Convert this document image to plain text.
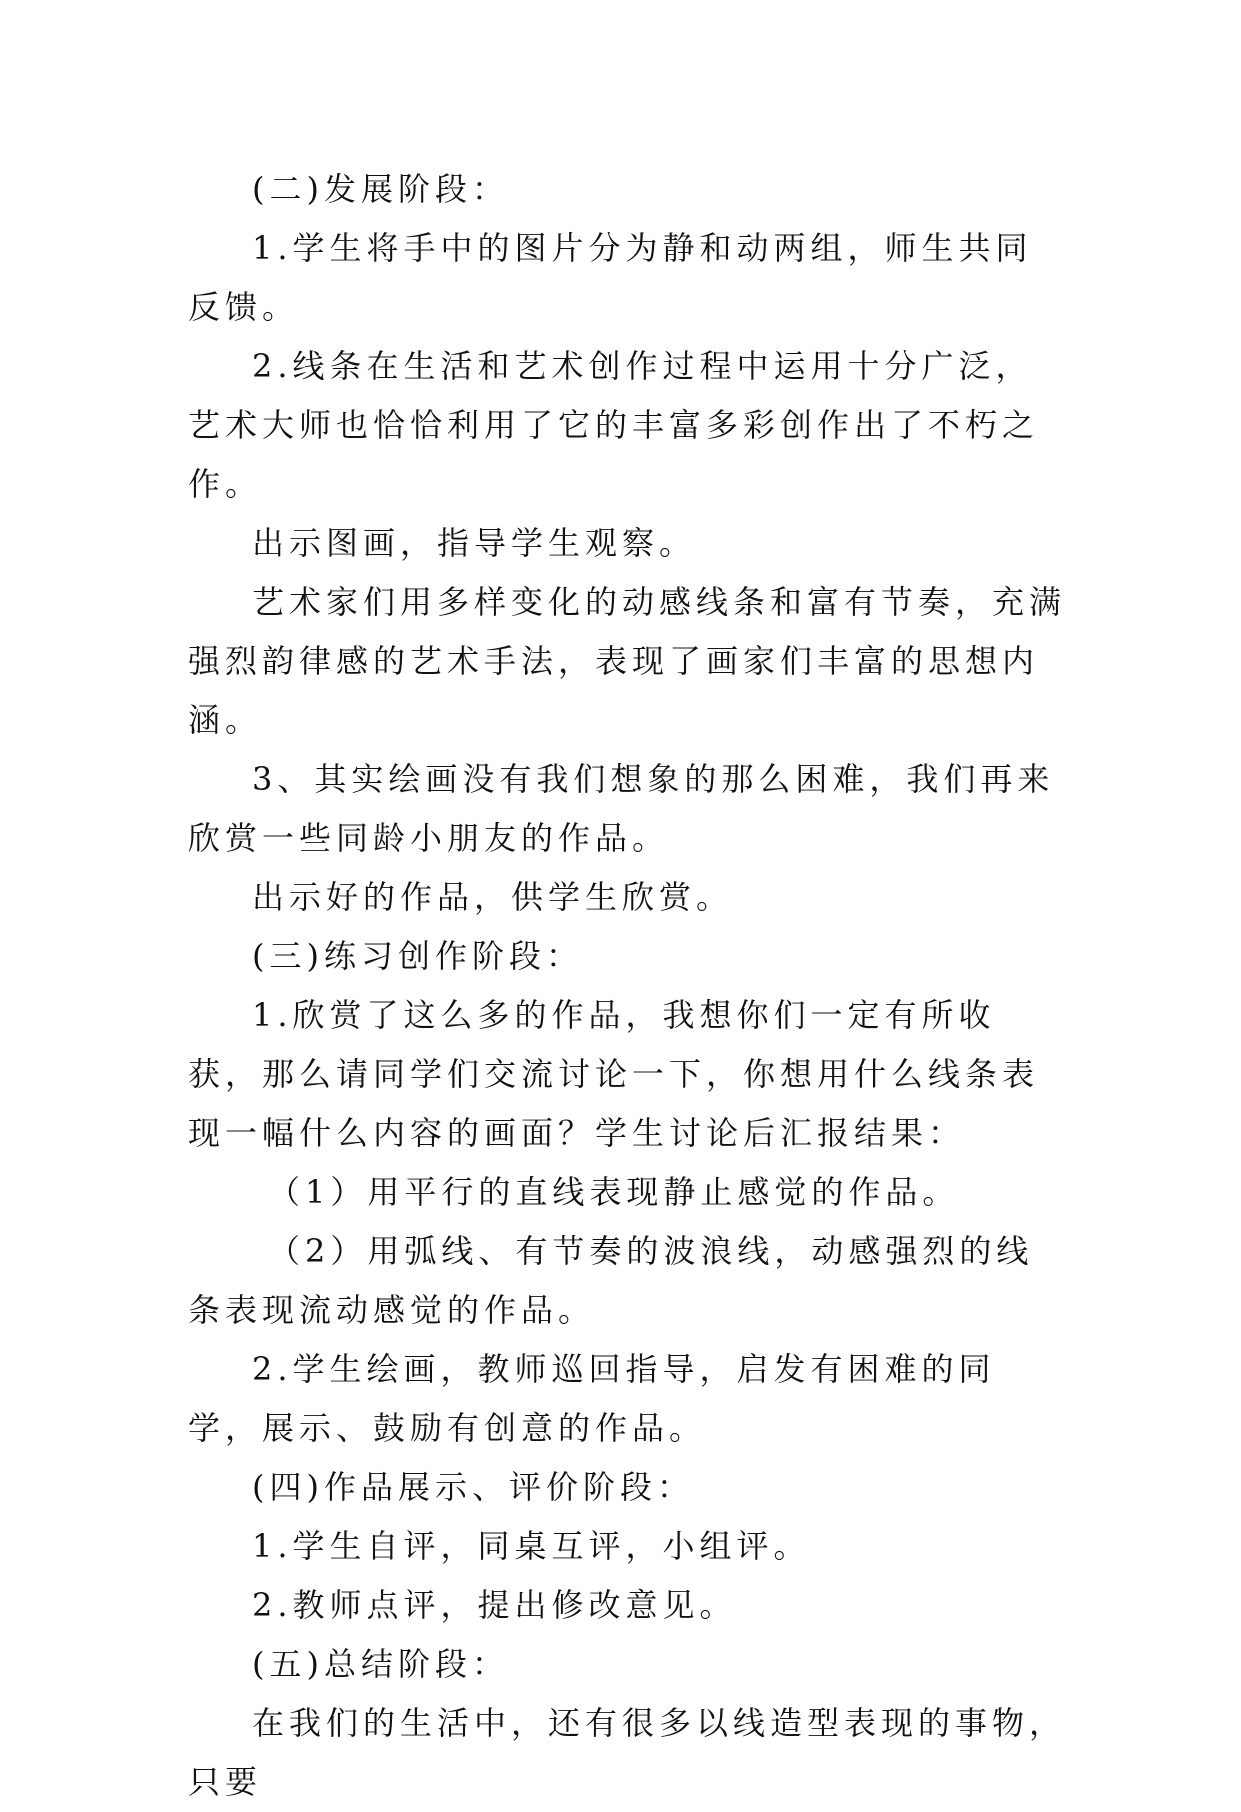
(二)发展阶段：

1.学生将手中的图片分为静和动两组，师生共同反馈。

2.线条在生活和艺术创作过程中运用十分广泛，艺术大师也恰恰利用了它的丰富多彩创作出了不朽之作。

出示图画，指导学生观察。

艺术家们用多样变化的动感线条和富有节奏，充满强烈韵律感的艺术手法，表现了画家们丰富的思想内涵。

3、其实绘画没有我们想象的那么困难，我们再来欣赏一些同龄小朋友的作品。

出示好的作品，供学生欣赏。

(三)练习创作阶段：

1.欣赏了这么多的作品，我想你们一定有所收获，那么请同学们交流讨论一下，你想用什么线条表现一幅什么内容的画面？学生讨论后汇报结果：

（1）用平行的直线表现静止感觉的作品。

（2）用弧线、有节奏的波浪线，动感强烈的线条表现流动感觉的作品。

2.学生绘画，教师巡回指导，启发有困难的同学，展示、鼓励有创意的作品。

(四)作品展示、评价阶段：

1.学生自评，同桌互评，小组评。

2.教师点评，提出修改意见。

(五)总结阶段：

在我们的生活中，还有很多以线造型表现的事物，只要
